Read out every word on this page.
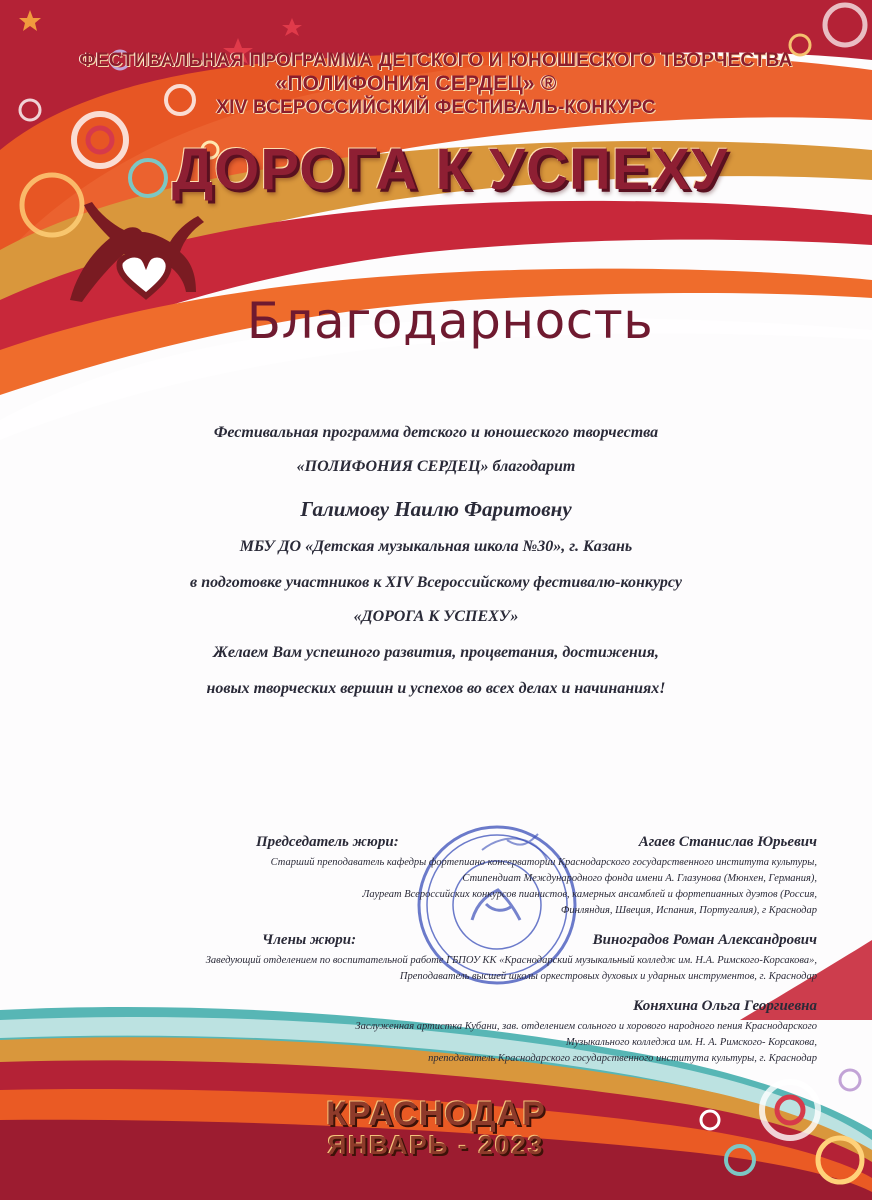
ФЕСТИВАЛЬНАЯ ПРОГРАММА ДЕТСКОГО И ЮНОШЕСКОГО ТВОРЧЕСТВА
«ПОЛИФОНИЯ СЕРДЕЦ» ®
XIV ВСЕРОССИЙСКИЙ ФЕСТИВАЛЬ-КОНКУРС
ДОРОГА К УСПЕХУ
Благодарность
Фестивальная программа детского и юношеского творчества
«ПОЛИФОНИЯ СЕРДЕЦ» благодарит
Галимову Наилю Фаритовну
МБУ ДО «Детская музыкальная школа №30», г. Казань
в подготовке участников к XIV Всероссийскому фестивалю-конкурсу
«ДОРОГА К УСПЕХУ»
Желаем Вам успешного развития, процветания, достижения,
новых творческих вершин и успехов во всех делах и начинаниях!
Председатель жюри:	Агаев Станислав Юрьевич
Старший преподаватель кафедры фортепиано консерватории Краснодарского государственного института культуры,
Стипендиат Международного фонда имени А. Глазунова (Мюнхен, Германия),
Лауреат Всероссийских конкурсов пианистов, камерных ансамблей и фортепианных дуэтов (Россия,
Финляндия, Швеция, Испания, Португалия), г Краснодар
Члены жюри:	Виноградов Роман Александрович
Заведующий отделением по воспитательной работе ГБПОУ КК «Краснодарский музыкальный колледж им. Н.А. Римского-Корсакова»,
Преподаватель высшей школы оркестровых духовых и ударных инструментов, г. Краснодар
Коняхина Ольга Георгиевна
Заслуженная артистка Кубани, зав. отделением сольного и хорового народного пения Краснодарского
Музыкального колледжа им. Н. А. Римского- Корсакова,
преподаватель Краснодарского государственного института культуры, г. Краснодар
КРАСНОДАР
ЯНВАРЬ - 2023
